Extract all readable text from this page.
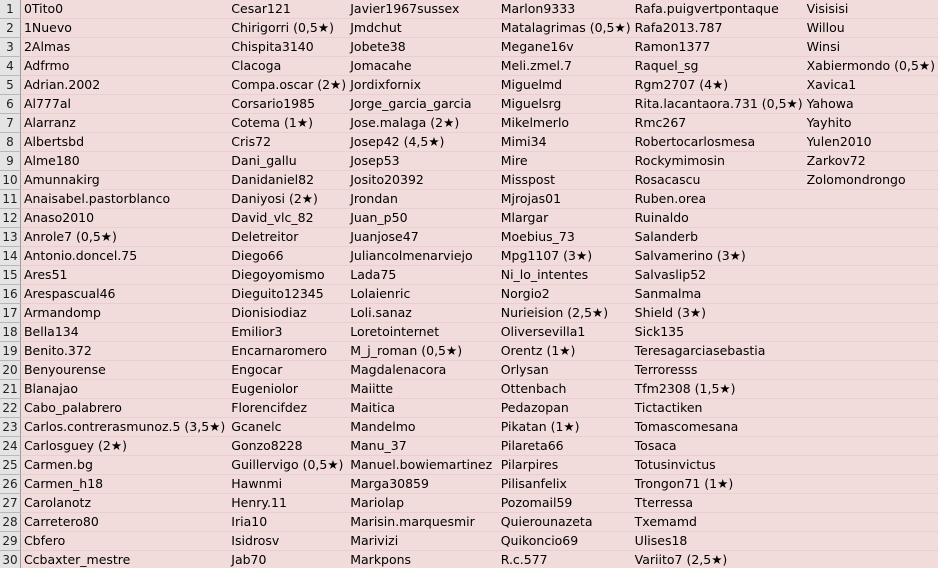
1	0Tito0	Cesar121	Javier1967sussex	Marlon9333	Rafa.puigvertpontaque	Visisisi
2	1Nuevo	Chirigorri (0,5★)	Jmdchut	Matalagrimas (0,5★)	Rafa2013.787	Willou
3	2Almas	Chispita3140	Jobete38	Megane16v	Ramon1377	Winsi
4	Adfrmo	Clacoga	Jomacahe	Meli.zmel.7	Raquel_sg	Xabiermondo (0,5★)
5	Adrian.2002	Compa.oscar (2★)	Jordixfornix	Miguelmd	Rgm2707 (4★)	Xavica1
6	Al777al	Corsario1985	Jorge_garcia_garcia	Miguelsrg	Rita.lacantaora.731 (0,5★)	Yahowa
7	Alarranz	Cotema (1★)	Jose.malaga (2★)	Mikelmerlo	Rmc267	Yayhito
8	Albertsbd	Cris72	Josep42 (4,5★)	Mimi34	Robertocarlosmesa	Yulen2010
9	Alme180	Dani_gallu	Josep53	Mire	Rockymimosin	Zarkov72
10	Amunnakirg	Danidaniel82	Josito20392	Misspost	Rosacascu	Zolomondrongo
11	Anaisabel.pastorblanco	Daniyosi (2★)	Jrondan	Mjrojas01	Ruben.orea	
12	Anaso2010	David_vlc_82	Juan_p50	Mlargar	Ruinaldo	
13	Anrole7 (0,5★)	Deletreitor	Juanjose47	Moebius_73	Salanderb	
14	Antonio.doncel.75	Diego66	Juliancolmenarviejo	Mpg1107 (3★)	Salvamerino (3★)	
15	Ares51	Diegoyomismo	Lada75	Ni_lo_intentes	Salvaslip52	
16	Arespascual46	Dieguito12345	Lolaienric	Norgio2	Sanmalma	
17	Armandomp	Dionisiodiaz	Loli.sanaz	Nurieision (2,5★)	Shield (3★)	
18	Bella134	Emilior3	Loretointernet	Oliversevilla1	Sick135	
19	Benito.372	Encarnaromero	M_j_roman (0,5★)	Orentz (1★)	Teresagarciasebastia	
20	Benyourense	Engocar	Magdalenacora	Orlysan	Terroresss	
21	Blanajao	Eugeniolor	Maiitte	Ottenbach	Tfm2308 (1,5★)	
22	Cabo_palabrero	Florencifdez	Maitica	Pedazopan	Tictactiken	
23	Carlos.contrerasmunoz.5 (3,5★)	Gcanelc	Mandelmo	Pikatan (1★)	Tomascomesana	
24	Carlosguey (2★)	Gonzo8228	Manu_37	Pilareta66	Tosaca	
25	Carmen.bg	Guillervigo (0,5★)	Manuel.bowiemartinez	Pilarpires	Totusinvictus	
26	Carmen_h18	Hawnmi	Marga30859	Pilisanfelix	Trongon71 (1★)	
27	Carolanotz	Henry.11	Mariolap	Pozomail59	Tterressa	
28	Carretero80	Iria10	Marisin.marquesmir	Quierounazeta	Txemamd	
29	Cbfero	Isidrosv	Marivizi	Quikoncio69	Ulises18	
30	Ccbaxter_mestre	Jab70	Markpons	R.c.577	Variito7 (2,5★)	
